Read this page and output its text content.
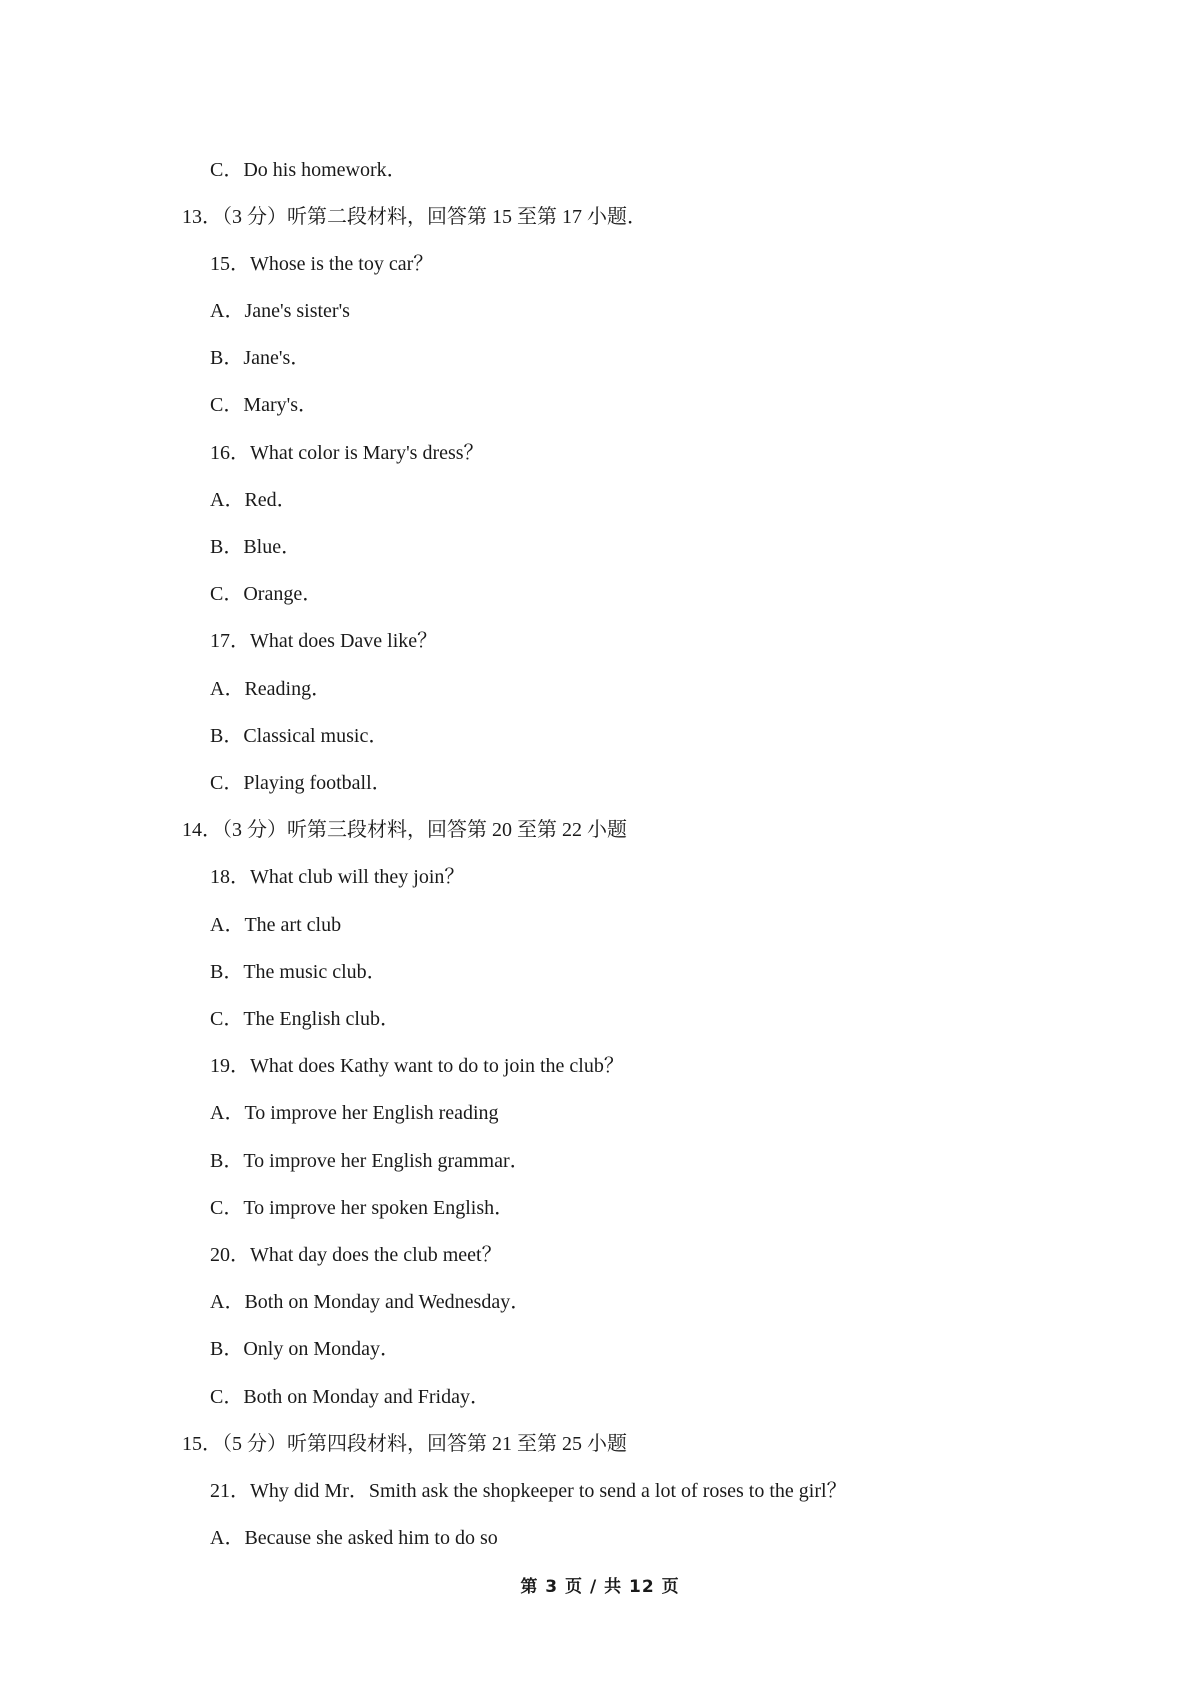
C．Do his homework．
13．（3 分）听第二段材料，回答第 15 至第 17 小题．
15．Whose is the toy car？
A．Jane's sister's
B．Jane's．
C．Mary's．
16．What color is Mary's dress？
A．Red．
B．Blue．
C．Orange．
17．What does Dave like？
A．Reading．
B．Classical music．
C．Playing football．
14．（3 分）听第三段材料，回答第 20 至第 22 小题
18．What club will they join？
A．The art club
B．The music club．
C．The English club．
19．What does Kathy want to do to join the club？
A．To improve her English reading
B．To improve her English grammar．
C．To improve her spoken English．
20．What day does the club meet？
A．Both on Monday and Wednesday．
B．Only on Monday．
C．Both on Monday and Friday．
15．（5 分）听第四段材料，回答第 21 至第 25 小题
21．Why did Mr．Smith ask the shopkeeper to send a lot of roses to the girl？
A．Because she asked him to do so
第 3 页 / 共 12 页
